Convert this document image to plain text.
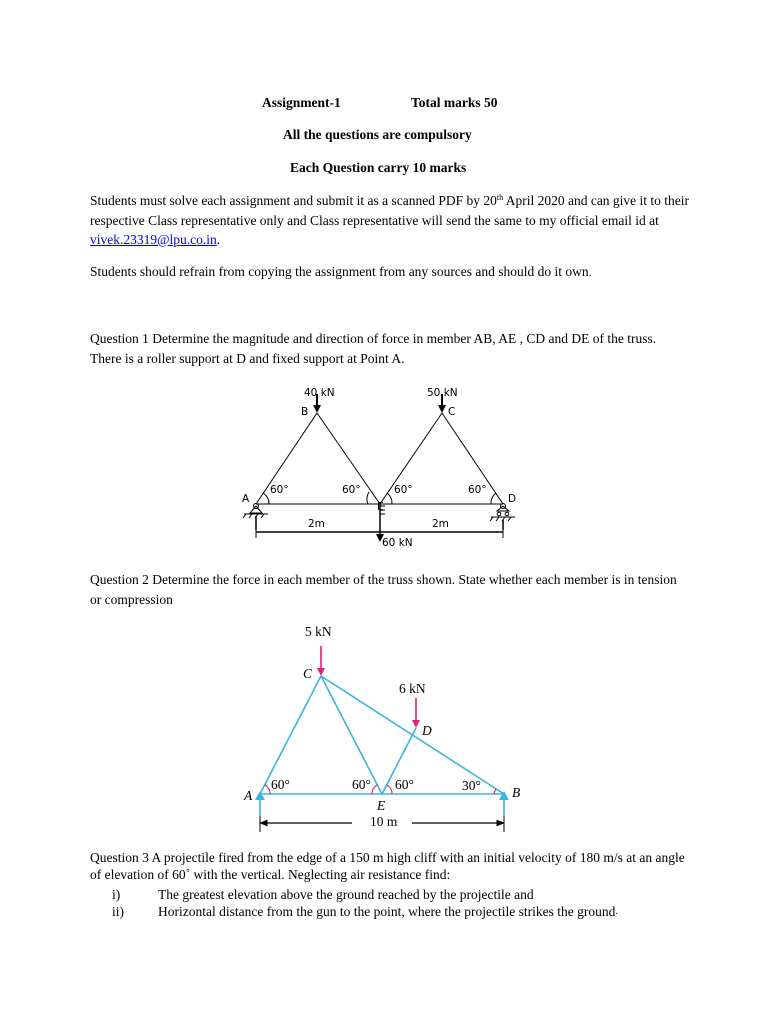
Assignment-1	Total marks 50
All the questions are compulsory
Each Question carry 10 marks
Students must solve each assignment and submit it as a scanned PDF by 20th April 2020 and can give it to their respective Class representative only and Class representative will send the same to my official email id at vivek.23319@lpu.co.in.
Students should refrain from copying the assignment from any sources and should do it own.
Question 1 Determine the magnitude and direction of force in member AB, AE , CD and DE of the truss. There is a roller support at D and fixed support at Point A.
40 kN	50 kN
B	C
A	D
E
60°	60°	60°	60°
2m	2m
60 kN
Question 2 Determine the force in each member of the truss shown. State whether each member is in tension or compression
5 kN
6 kN
C
D
A	B
E
60°	60° 60°	30°
10 m
Question 3 A projectile fired from the edge of a 150 m high cliff with an initial velocity of 180 m/s at an angle of elevation of 60˚ with the vertical. Neglecting air resistance find:
i)	The greatest elevation above the ground reached by the projectile and
ii)	Horizontal distance from the gun to the point, where the projectile strikes the ground .
